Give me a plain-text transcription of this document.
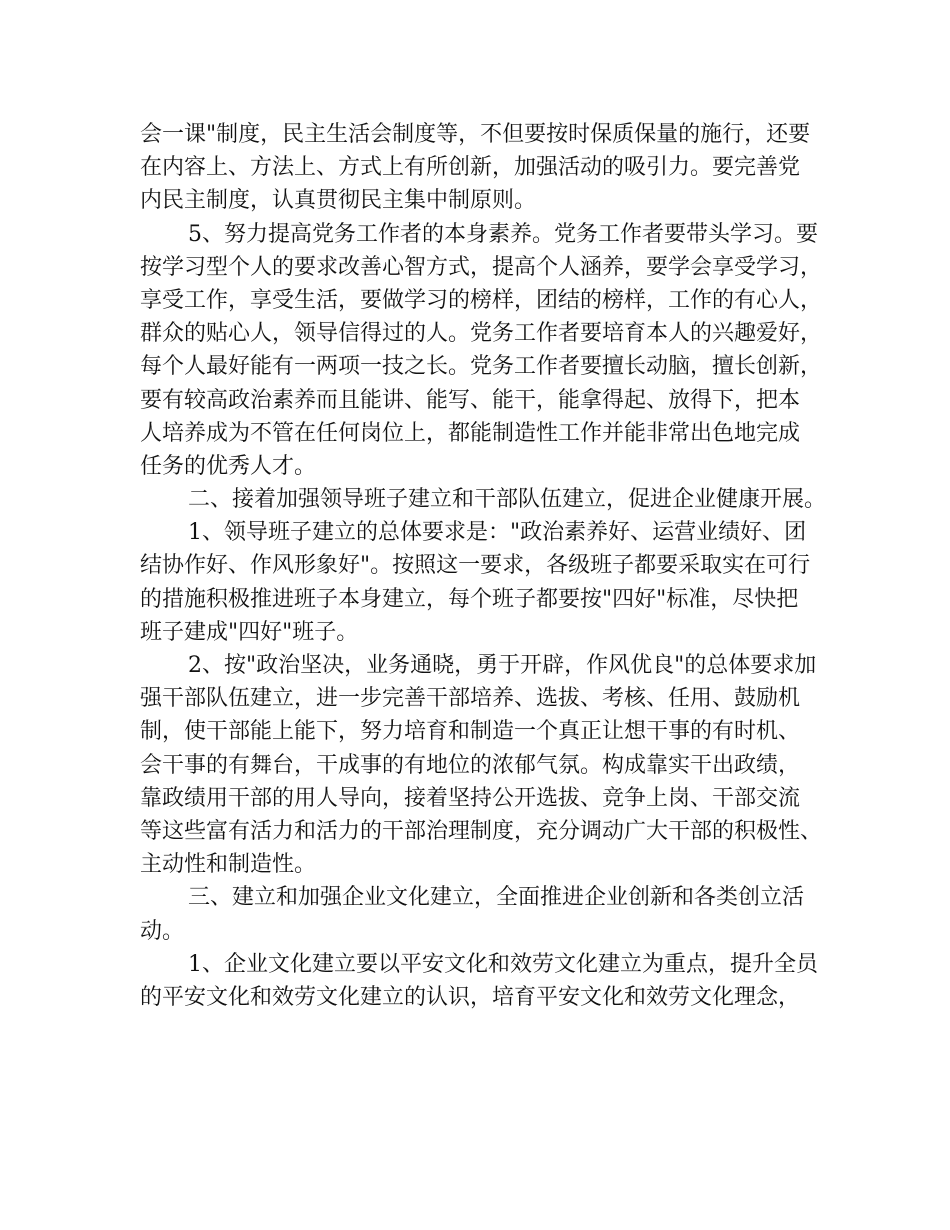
会一课"制度，民主生活会制度等，不但要按时保质保量的施行，还要
在内容上、方法上、方式上有所创新，加强活动的吸引力。要完善党
内民主制度，认真贯彻民主集中制原则。
5、努力提高党务工作者的本身素养。党务工作者要带头学习。要
按学习型个人的要求改善心智方式，提高个人涵养，要学会享受学习，
享受工作，享受生活，要做学习的榜样，团结的榜样，工作的有心人，
群众的贴心人，领导信得过的人。党务工作者要培育本人的兴趣爱好，
每个人最好能有一两项一技之长。党务工作者要擅长动脑，擅长创新，
要有较高政治素养而且能讲、能写、能干，能拿得起、放得下，把本
人培养成为不管在任何岗位上，都能制造性工作并能非常出色地完成
任务的优秀人才。
二、接着加强领导班子建立和干部队伍建立，促进企业健康开展。
1、领导班子建立的总体要求是："政治素养好、运营业绩好、团
结协作好、作风形象好"。按照这一要求，各级班子都要采取实在可行
的措施积极推进班子本身建立，每个班子都要按"四好"标准，尽快把
班子建成"四好"班子。
2、按"政治坚决，业务通晓，勇于开辟，作风优良"的总体要求加
强干部队伍建立，进一步完善干部培养、选拔、考核、任用、鼓励机
制，使干部能上能下，努力培育和制造一个真正让想干事的有时机、
会干事的有舞台，干成事的有地位的浓郁气氛。构成靠实干出政绩，
靠政绩用干部的用人导向，接着坚持公开选拔、竞争上岗、干部交流
等这些富有活力和活力的干部治理制度，充分调动广大干部的积极性、
主动性和制造性。
三、建立和加强企业文化建立，全面推进企业创新和各类创立活
动。
1、企业文化建立要以平安文化和效劳文化建立为重点，提升全员
的平安文化和效劳文化建立的认识，培育平安文化和效劳文化理念，
